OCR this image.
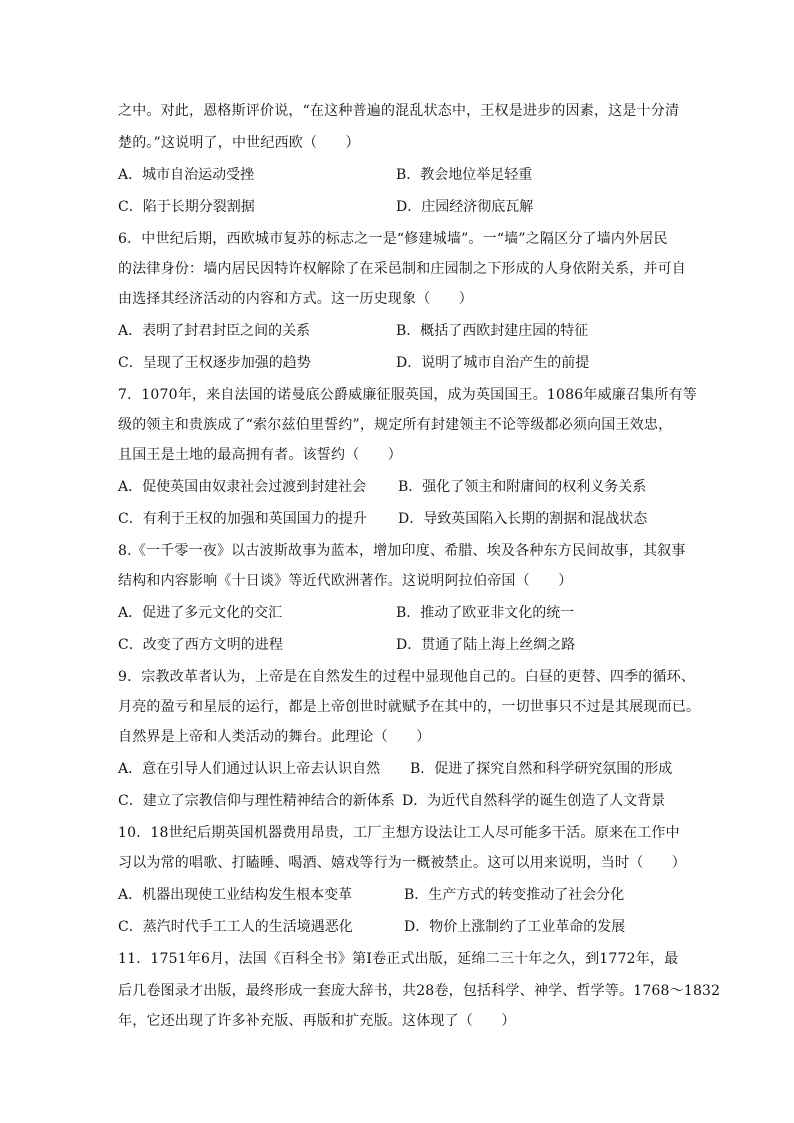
之中。对此，恩格斯评价说，“在这种普遍的混乱状态中，王权是进步的因素，这是十分清
楚的。”这说明了，中世纪西欧（　　）
A．城市自治运动受挫	B．教会地位举足轻重
C．陷于长期分裂割据	D．庄园经济彻底瓦解
6．中世纪后期，西欧城市复苏的标志之一是“修建城墙”。一“墙”之隔区分了墙内外居民
的法律身份：墙内居民因特许权解除了在采邑制和庄园制之下形成的人身依附关系，并可自
由选择其经济活动的内容和方式。这一历史现象（　　）
A．表明了封君封臣之间的关系	B．概括了西欧封建庄园的特征
C．呈现了王权逐步加强的趋势	D．说明了城市自治产生的前提
7．1070年，来自法国的诺曼底公爵威廉征服英国，成为英国国王。1086年威廉召集所有等
级的领主和贵族成了“索尔兹伯里誓约”，规定所有封建领主不论等级都必须向国王效忠，
且国王是土地的最高拥有者。该誓约（　　）
A．促使英国由奴隶社会过渡到封建社会 B．强化了领主和附庸间的权利义务关系
C．有利于王权的加强和英国国力的提升 D．导致英国陷入长期的割据和混战状态
8.《一千零一夜》以古波斯故事为蓝本，增加印度、希腊、埃及各种东方民间故事，其叙事
结构和内容影响《十日谈》等近代欧洲著作。这说明阿拉伯帝国（　　）
A．促进了多元文化的交汇	B．推动了欧亚非文化的统一
C．改变了西方文明的进程	D．贯通了陆上海上丝绸之路
9．宗教改革者认为，上帝是在自然发生的过程中显现他自己的。白昼的更替、四季的循环、
月亮的盈亏和星辰的运行，都是上帝创世时就赋予在其中的，一切世事只不过是其展现而已。
自然界是上帝和人类活动的舞台。此理论（　　）
A．意在引导人们通过认识上帝去认识自然 B．促进了探究自然和科学研究氛围的形成
C．建立了宗教信仰与理性精神结合的新体系 D．为近代自然科学的诞生创造了人文背景
10．18世纪后期英国机器费用昂贵，工厂主想方设法让工人尽可能多干活。原来在工作中
习以为常的唱歌、打瞌睡、喝酒、嬉戏等行为一概被禁止。这可以用来说明，当时（　　）
A．机器出现使工业结构发生根本变革	B．生产方式的转变推动了社会分化
C．蒸汽时代手工工人的生活境遇恶化	D．物价上涨制约了工业革命的发展
11．1751年6月，法国《百科全书》第Ⅰ卷正式出版，延绵二三十年之久，到1772年，最
后几卷图录才出版，最终形成一套庞大辞书，共28卷，包括科学、神学、哲学等。1768～1832
年，它还出现了许多补充版、再版和扩充版。这体现了（　　）
